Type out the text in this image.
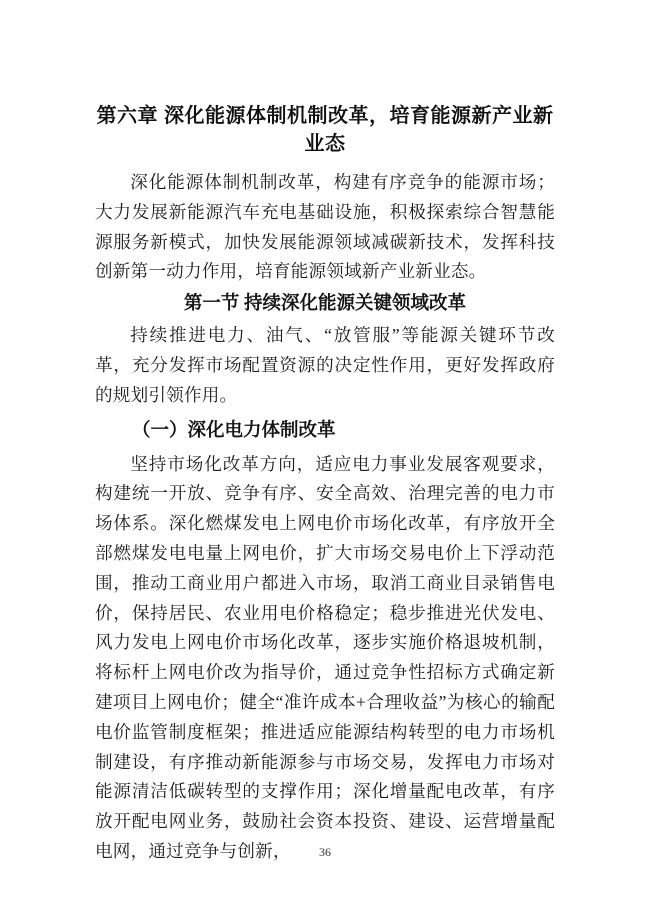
第六章 深化能源体制机制改革，培育能源新产业新业态

深化能源体制机制改革，构建有序竞争的能源市场；大力发展新能源汽车充电基础设施，积极探索综合智慧能源服务新模式，加快发展能源领域减碳新技术，发挥科技创新第一动力作用，培育能源领域新产业新业态。

第一节 持续深化能源关键领域改革

持续推进电力、油气、“放管服”等能源关键环节改革，充分发挥市场配置资源的决定性作用，更好发挥政府的规划引领作用。

（一）深化电力体制改革

坚持市场化改革方向，适应电力事业发展客观要求，构建统一开放、竞争有序、安全高效、治理完善的电力市场体系。深化燃煤发电上网电价市场化改革，有序放开全部燃煤发电电量上网电价，扩大市场交易电价上下浮动范围，推动工商业用户都进入市场，取消工商业目录销售电价，保持居民、农业用电价格稳定；稳步推进光伏发电、风力发电上网电价市场化改革，逐步实施价格退坡机制，将标杆上网电价改为指导价，通过竞争性招标方式确定新建项目上网电价；健全“准许成本+合理收益”为核心的输配电价监管制度框架；推进适应能源结构转型的电力市场机制建设，有序推动新能源参与市场交易，发挥电力市场对能源清洁低碳转型的支撑作用；深化增量配电改革，有序放开配电网业务，鼓励社会资本投资、建设、运营增量配电网，通过竞争与创新，	36
